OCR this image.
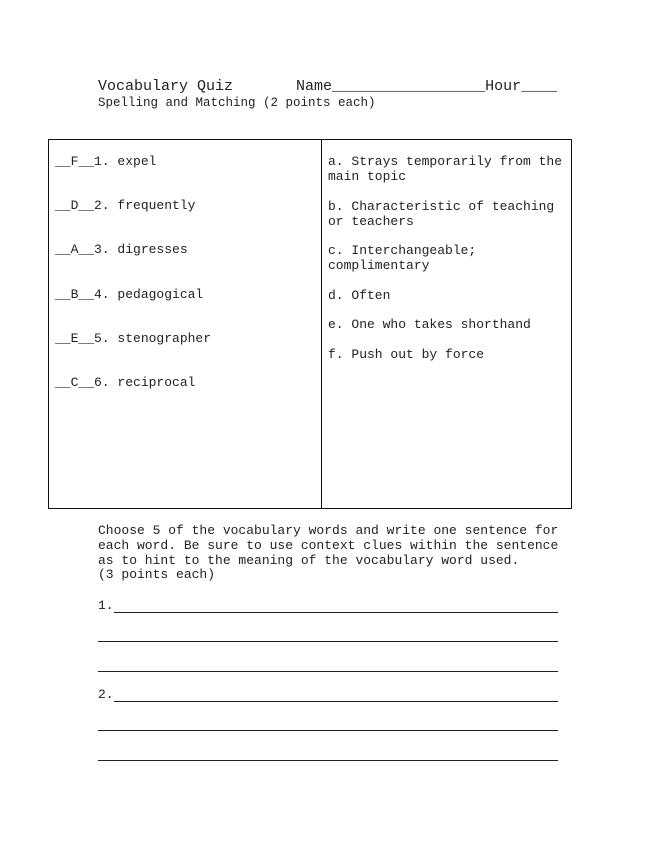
Vocabulary Quiz	Name_________________Hour____
Spelling and Matching (2 points each)
__F__1. expel
__D__2. frequently
__A__3. digresses
__B__4. pedagogical
__E__5. stenographer
__C__6. reciprocal
a. Strays temporarily from the main topic
b. Characteristic of teaching or teachers
c. Interchangeable; complimentary
d. Often
e. One who takes shorthand
f. Push out by force
Choose 5 of the vocabulary words and write one sentence for
each word. Be sure to use context clues within the sentence
as to hint to the meaning of the vocabulary word used.
(3 points each)
1.
2.
